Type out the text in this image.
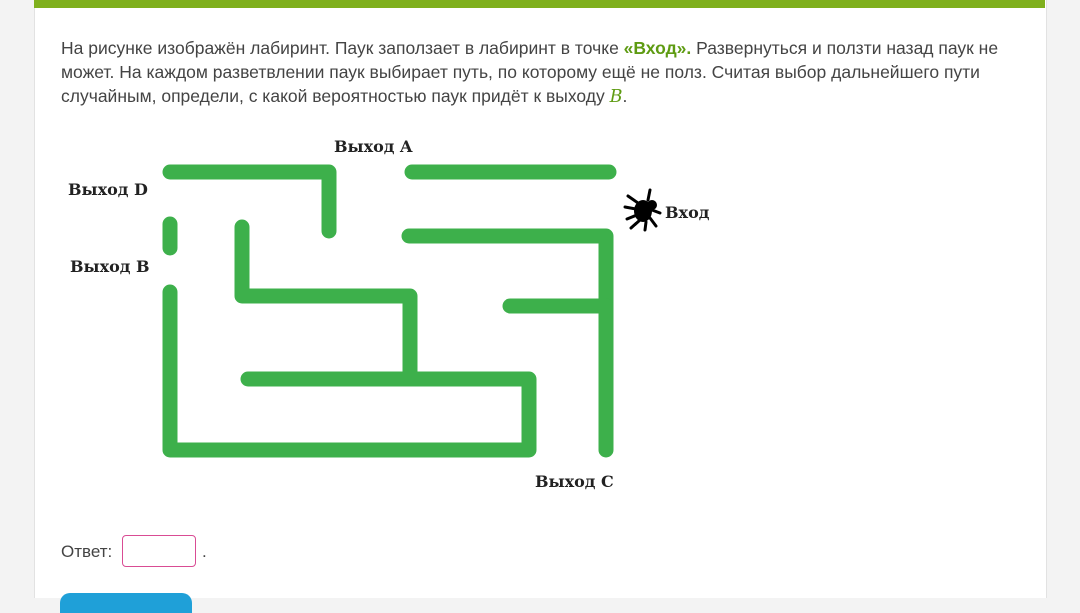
На рисунке изображён лабиринт. Паук заползает в лабиринт в точке «Вход». Развернуться и ползти назад паук не может. На каждом разветвлении паук выбирает путь, по которому ещё не полз. Считая выбор дальнейшего пути случайным, определи, с какой вероятностью паук придёт к выходу B.

Выход A
Выход D
Выход B
Вход
Выход C
Ответ:	.
